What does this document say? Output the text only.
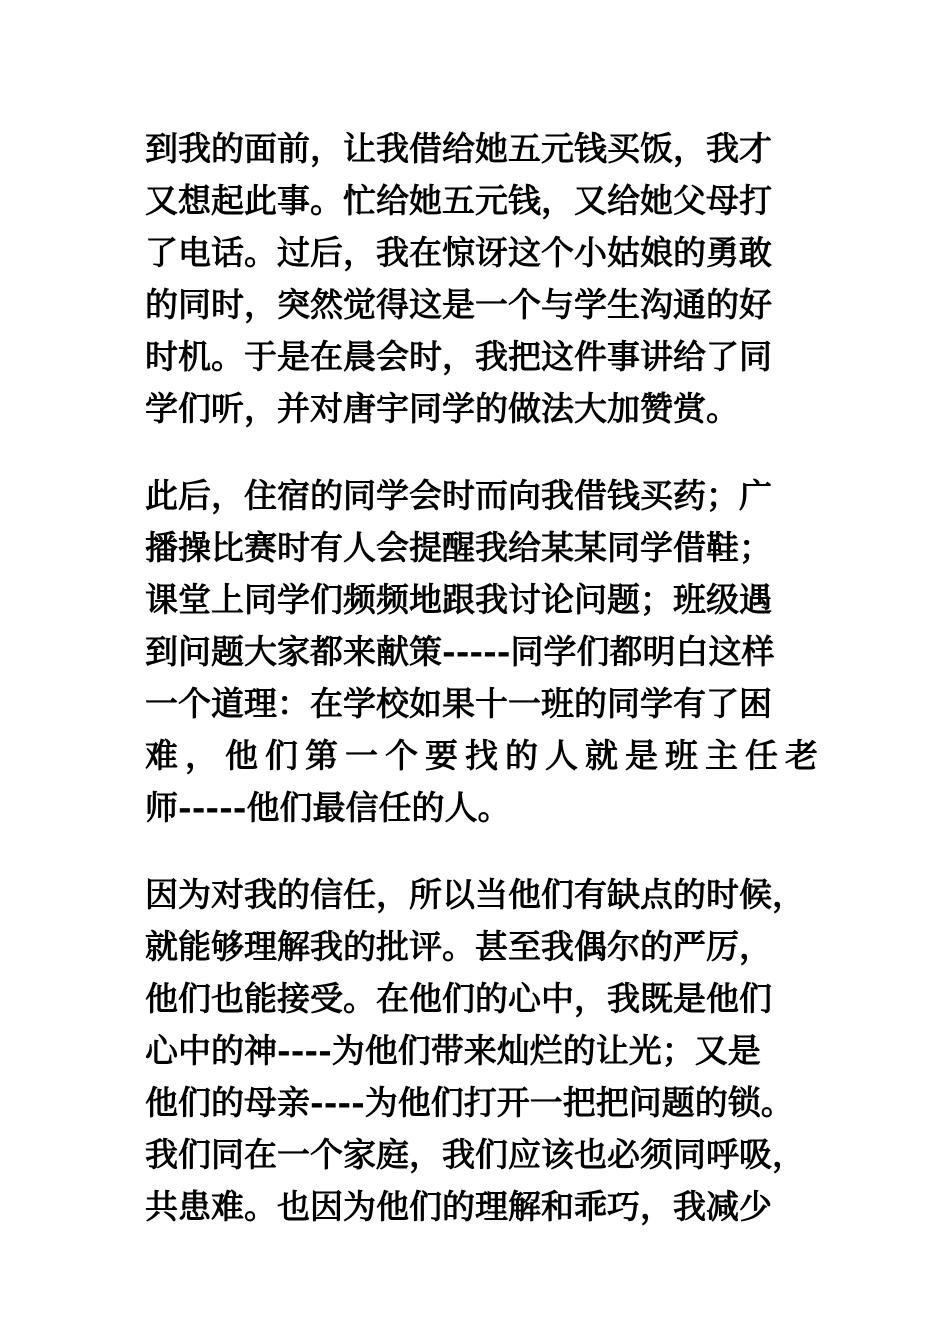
到我的面前，让我借给她五元钱买饭，我才
又想起此事。忙给她五元钱，又给她父母打
了电话。过后，我在惊讶这个小姑娘的勇敢
的同时，突然觉得这是一个与学生沟通的好
时机。于是在晨会时，我把这件事讲给了同
学们听，并对唐宇同学的做法大加赞赏。
此后，住宿的同学会时而向我借钱买药；广
播操比赛时有人会提醒我给某某同学借鞋；
课堂上同学们频频地跟我讨论问题；班级遇
到问题大家都来献策-----同学们都明白这样
一个道理：在学校如果十一班的同学有了困
难，他们第一个要找的人就是班主任老
师-----他们最信任的人。
因为对我的信任，所以当他们有缺点的时候，
就能够理解我的批评。甚至我偶尔的严厉，
他们也能接受。在他们的心中，我既是他们
心中的神----为他们带来灿烂的让光；又是
他们的母亲----为他们打开一把把问题的锁。
我们同在一个家庭，我们应该也必须同呼吸，
共患难。也因为他们的理解和乖巧，我减少
